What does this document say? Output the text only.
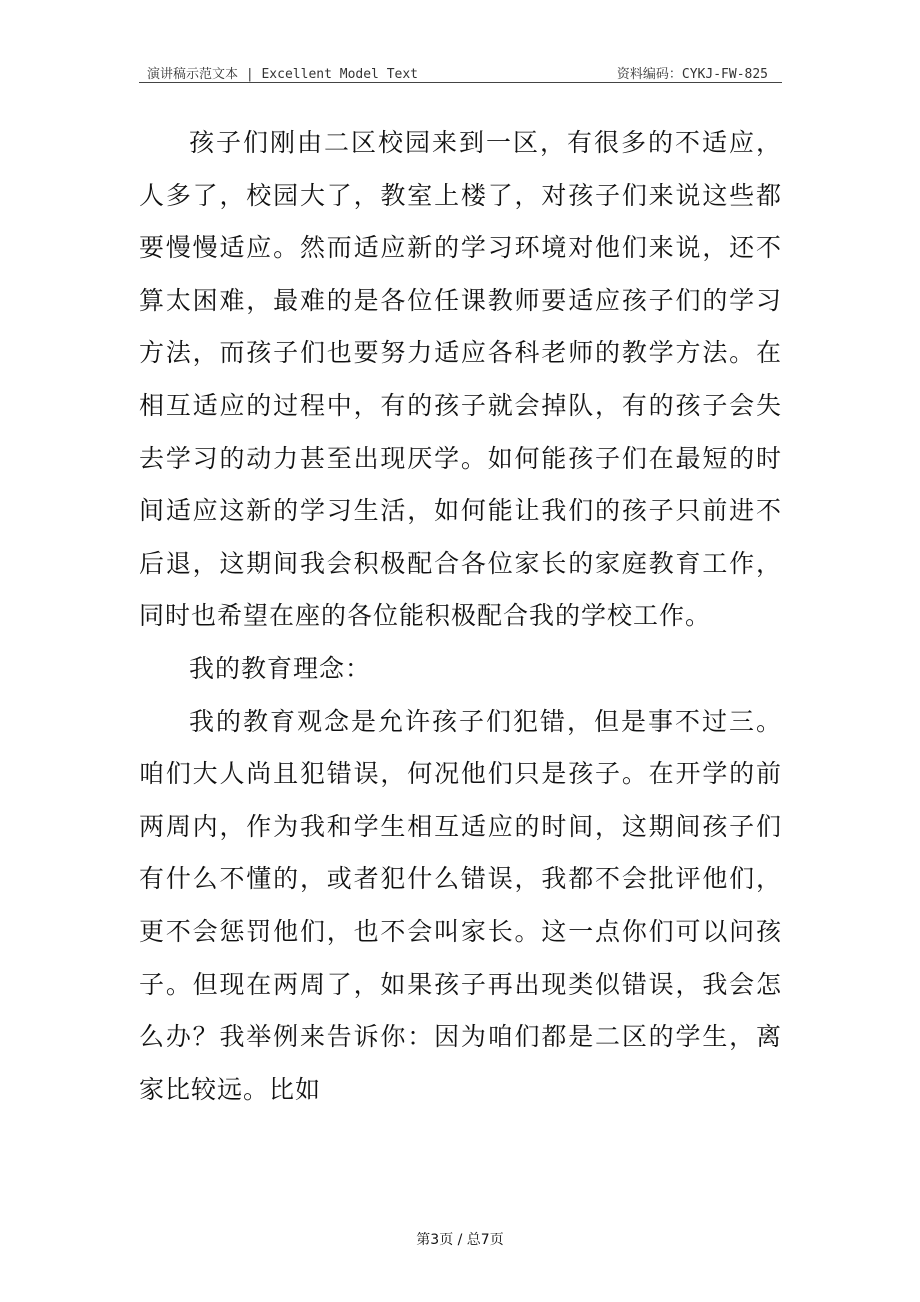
演讲稿示范文本 | Excellent Model Text	资料编码：CYKJ-FW-825

孩子们刚由二区校园来到一区，有很多的不适应，人多了，校园大了，教室上楼了，对孩子们来说这些都要慢慢适应。然而适应新的学习环境对他们来说，还不算太困难，最难的是各位任课教师要适应孩子们的学习方法，而孩子们也要努力适应各科老师的教学方法。在相互适应的过程中，有的孩子就会掉队，有的孩子会失去学习的动力甚至出现厌学。如何能孩子们在最短的时间适应这新的学习生活，如何能让我们的孩子只前进不后退，这期间我会积极配合各位家长的家庭教育工作，同时也希望在座的各位能积极配合我的学校工作。

我的教育理念：

我的教育观念是允许孩子们犯错，但是事不过三。咱们大人尚且犯错误，何况他们只是孩子。在开学的前两周内，作为我和学生相互适应的时间，这期间孩子们有什么不懂的，或者犯什么错误，我都不会批评他们，更不会惩罚他们，也不会叫家长。这一点你们可以问孩子。但现在两周了，如果孩子再出现类似错误，我会怎么办？我举例来告诉你：因为咱们都是二区的学生，离家比较远。比如

第3页 / 总7页
